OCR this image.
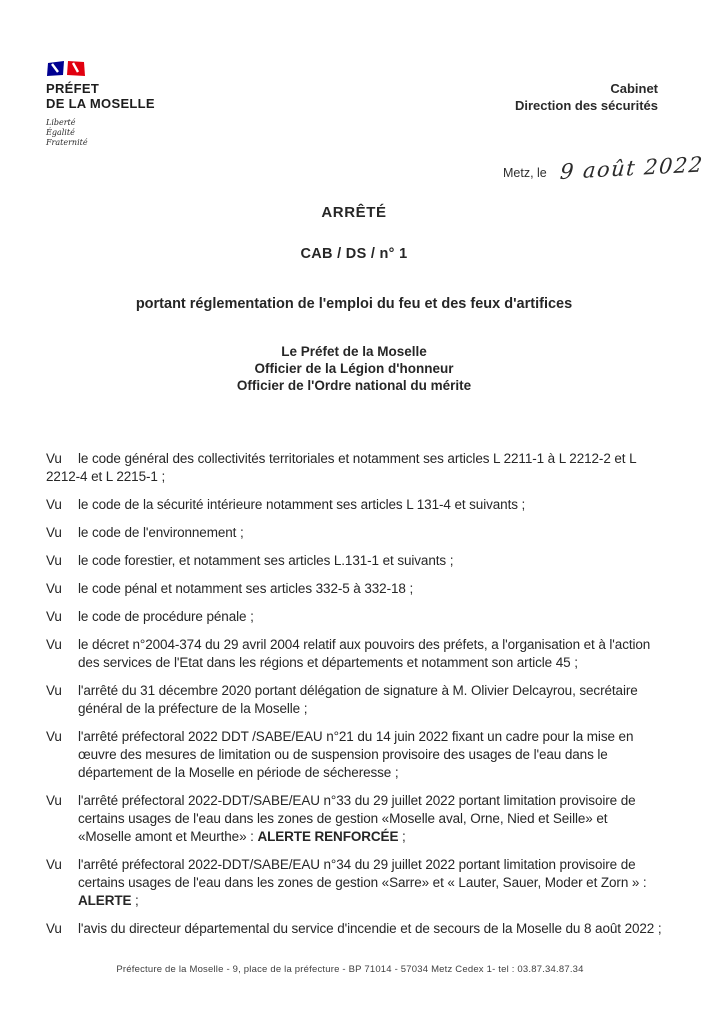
PRÉFET
DE LA MOSELLE
Liberté
Égalité
Fraternité
Cabinet
Direction des sécurités
Metz, le 9 août 2022
ARRÊTÉ
CAB / DS / n° 1
portant réglementation de l'emploi du feu et des feux d'artifices
Le Préfet de la Moselle
Officier de la Légion d'honneur
Officier de l'Ordre national du mérite

Vu le code général des collectivités territoriales et notamment ses articles L 2211-1 à L 2212-2 et L 2212-4 et L 2215-1 ;

Vu le code de la sécurité intérieure notamment ses articles L 131-4 et suivants ;

Vu le code de l'environnement ;

Vu le code forestier, et notamment ses articles L.131-1 et suivants ;

Vu le code pénal et notamment ses articles 332-5 à 332-18 ;

Vu le code de procédure pénale ;

Vu le décret n°2004-374 du 29 avril 2004 relatif aux pouvoirs des préfets, a l'organisation et à l'action des services de l'Etat dans les régions et départements et notamment son article 45 ;

Vu l'arrêté du 31 décembre 2020 portant délégation de signature à M. Olivier Delcayrou, secrétaire général de la préfecture de la Moselle ;

Vu l'arrêté préfectoral 2022 DDT /SABE/EAU n°21 du 14 juin 2022 fixant un cadre pour la mise en œuvre des mesures de limitation ou de suspension provisoire des usages de l'eau dans le département de la Moselle en période de sécheresse ;

Vu l'arrêté préfectoral 2022-DDT/SABE/EAU n°33 du 29 juillet 2022 portant limitation provisoire de certains usages de l'eau dans les zones de gestion «Moselle aval, Orne, Nied et Seille» et «Moselle amont et Meurthe» : ALERTE RENFORCÉE ;

Vu l'arrêté préfectoral 2022-DDT/SABE/EAU n°34 du 29 juillet 2022 portant limitation provisoire de certains usages de l'eau dans les zones de gestion «Sarre» et « Lauter, Sauer, Moder et Zorn » : ALERTE ;

Vu l'avis du directeur départemental du service d'incendie et de secours de la Moselle du 8 août 2022 ;

Préfecture de la Moselle - 9, place de la préfecture - BP 71014 - 57034 Metz Cedex 1- tel : 03.87.34.87.34
